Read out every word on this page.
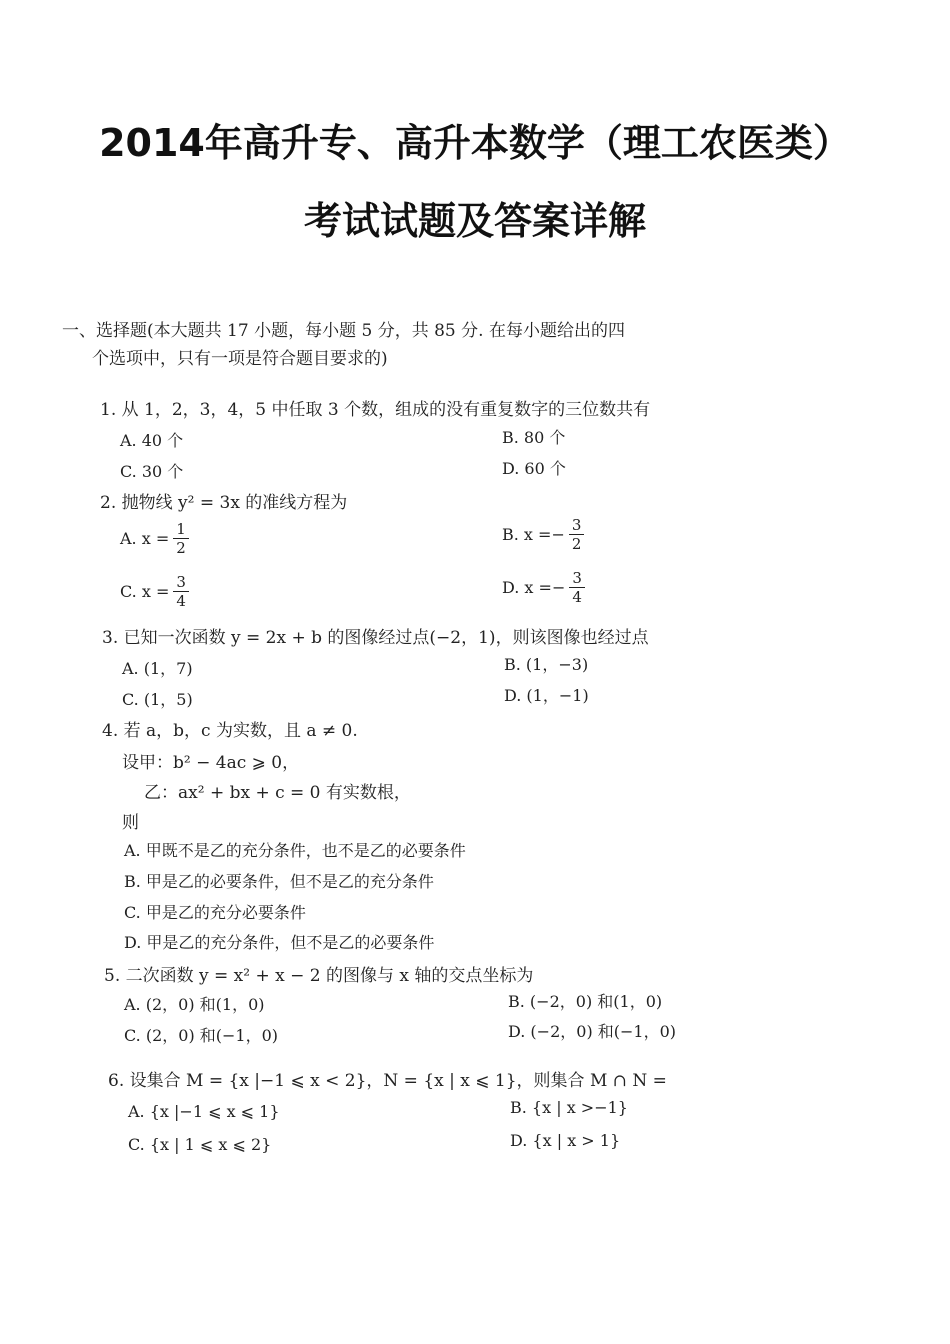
2014年高升专、高升本数学（理工农医类）
考试试题及答案详解
一、选择题(本大题共 17 小题，每小题 5 分，共 85 分. 在每小题给出的四
个选项中，只有一项是符合题目要求的)
1. 从 1，2，3，4，5 中任取 3 个数，组成的没有重复数字的三位数共有
A. 40 个	B. 80 个
C. 30 个	D. 60 个
2. 抛物线 y² = 3x 的准线方程为
A. $x = \frac{1}{2}$	B. $x =- \frac{3}{2}$
C. $x = \frac{3}{4}$	D. $x =- \frac{3}{4}$
3. 已知一次函数 y = 2x + b 的图像经过点(−2，1)，则该图像也经过点
A. (1，7)	B. (1，−3)
C. (1，5)	D. (1，−1)
4. 若 a，b，c 为实数，且 a ≠ 0.
设甲：b² − 4ac ⩾ 0，
乙：ax² + bx + c = 0 有实数根，
则
A. 甲既不是乙的充分条件，也不是乙的必要条件
B. 甲是乙的必要条件，但不是乙的充分条件
C. 甲是乙的充分必要条件
D. 甲是乙的充分条件，但不是乙的必要条件
5. 二次函数 y = x² + x − 2 的图像与 x 轴的交点坐标为
A. (2，0) 和(1，0)	B. (−2，0) 和(1，0)
C. (2，0) 和(−1，0)	D. (−2，0) 和(−1，0)
6. 设集合 M = {x |−1 ⩽ x < 2}，N = {x | x ⩽ 1}，则集合 M ∩ N =
A. {x |−1 ⩽ x ⩽ 1}	B. {x | x >−1}
C. {x | 1 ⩽ x ⩽ 2}	D. {x | x > 1}
